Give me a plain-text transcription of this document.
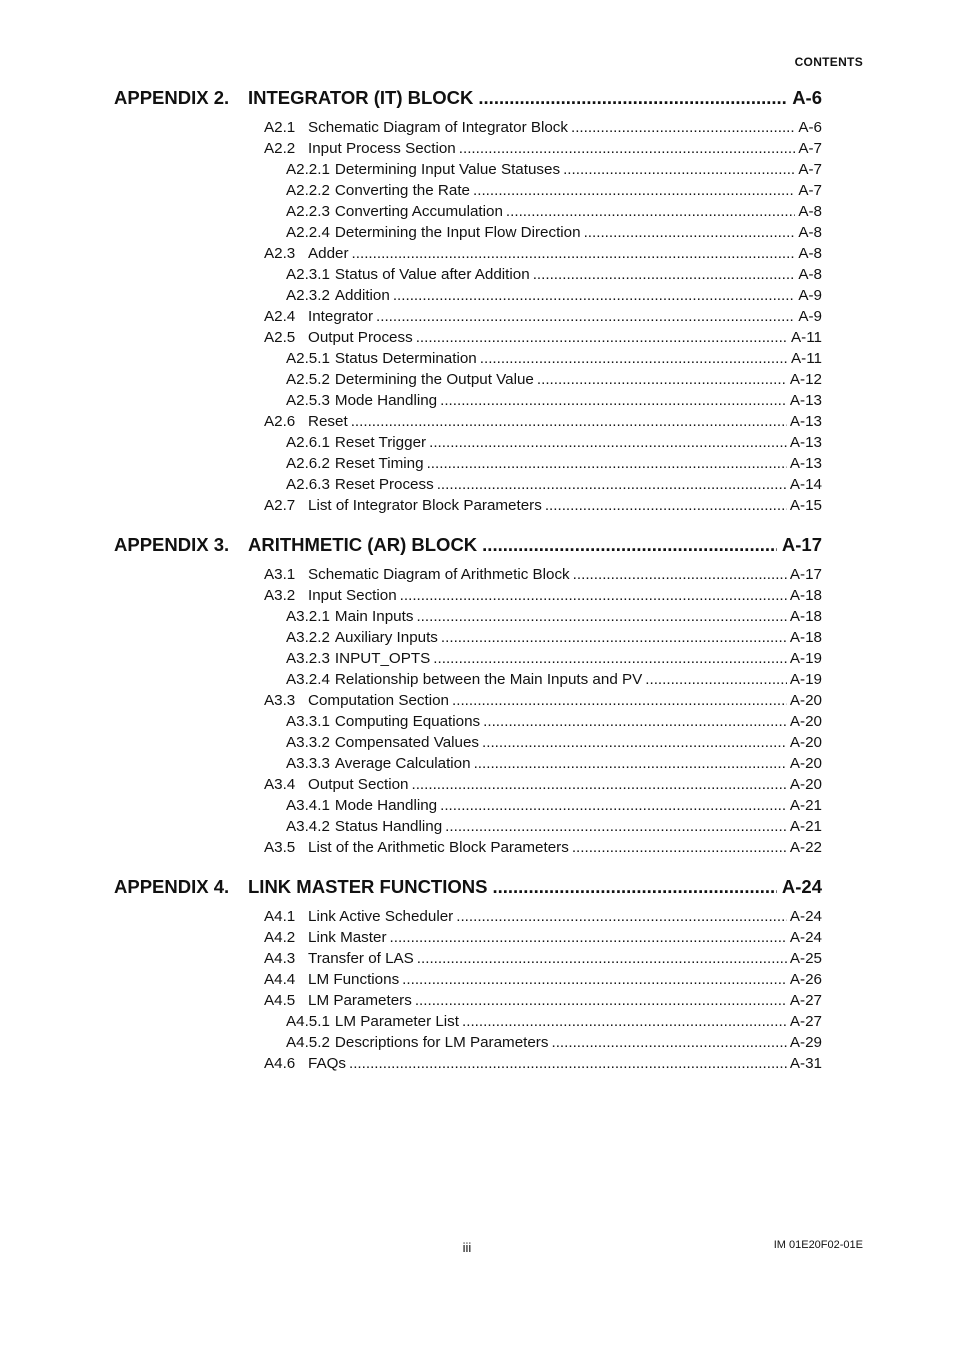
CONTENTS
APPENDIX 2.	INTEGRATOR (IT) BLOCK .....	A-6
A2.1 Schematic Diagram of Integrator Block .....	A-6
A2.2 Input Process Section .....	A-7
A2.2.1 Determining Input Value Statuses .....	A-7
A2.2.2 Converting the Rate .....	A-7
A2.2.3 Converting Accumulation .....	A-8
A2.2.4 Determining the Input Flow Direction .....	A-8
A2.3 Adder .....	A-8
A2.3.1 Status of Value after Addition .....	A-8
A2.3.2 Addition .....	A-9
A2.4 Integrator .....	A-9
A2.5 Output Process .....	A-11
A2.5.1 Status Determination .....	A-11
A2.5.2 Determining the Output Value .....	A-12
A2.5.3 Mode Handling .....	A-13
A2.6 Reset .....	A-13
A2.6.1 Reset Trigger .....	A-13
A2.6.2 Reset Timing .....	A-13
A2.6.3 Reset Process .....	A-14
A2.7 List of Integrator Block Parameters .....	A-15
APPENDIX 3.	ARITHMETIC (AR) BLOCK .....	A-17
A3.1 Schematic Diagram of Arithmetic Block .....	A-17
A3.2 Input Section .....	A-18
A3.2.1 Main Inputs .....	A-18
A3.2.2 Auxiliary Inputs .....	A-18
A3.2.3 INPUT_OPTS .....	A-19
A3.2.4 Relationship between the Main Inputs and PV .....	A-19
A3.3 Computation Section .....	A-20
A3.3.1 Computing Equations .....	A-20
A3.3.2 Compensated Values .....	A-20
A3.3.3 Average Calculation .....	A-20
A3.4 Output Section .....	A-20
A3.4.1 Mode Handling .....	A-21
A3.4.2 Status Handling .....	A-21
A3.5 List of the Arithmetic Block Parameters .....	A-22
APPENDIX 4.	LINK MASTER FUNCTIONS .....	A-24
A4.1 Link Active Scheduler .....	A-24
A4.2 Link Master .....	A-24
A4.3 Transfer of LAS .....	A-25
A4.4 LM Functions .....	A-26
A4.5 LM Parameters .....	A-27
A4.5.1 LM Parameter List .....	A-27
A4.5.2 Descriptions for LM Parameters .....	A-29
A4.6 FAQs .....	A-31
iii	IM 01E20F02-01E
